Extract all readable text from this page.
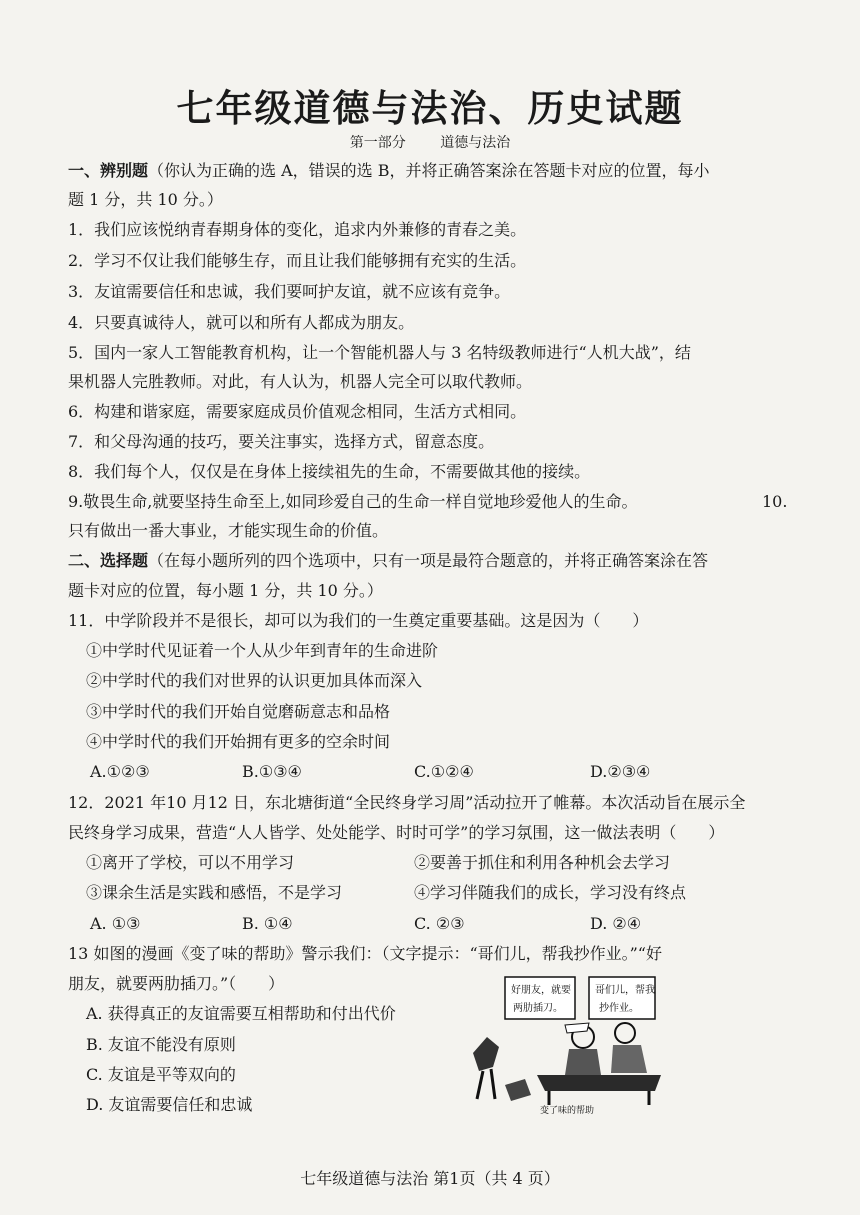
七年级道德与法治、历史试题
第一部分 道德与法治
一、辨别题（你认为正确的选 A，错误的选 B，并将正确答案涂在答题卡对应的位置，每小
题 1 分，共 10 分。）
1．我们应该悦纳青春期身体的变化，追求内外兼修的青春之美。
2．学习不仅让我们能够生存，而且让我们能够拥有充实的生活。
3．友谊需要信任和忠诚，我们要呵护友谊，就不应该有竞争。
4．只要真诚待人，就可以和所有人都成为朋友。
5．国内一家人工智能教育机构，让一个智能机器人与 3 名特级教师进行“人机大战”，结
果机器人完胜教师。对此，有人认为，机器人完全可以取代教师。
6．构建和谐家庭，需要家庭成员价值观念相同，生活方式相同。
7．和父母沟通的技巧，要关注事实，选择方式，留意态度。
8．我们每个人，仅仅是在身体上接续祖先的生命，不需要做其他的接续。
9.敬畏生命,就要坚持生命至上,如同珍爱自己的生命一样自觉地珍爱他人的生命。	10.
只有做出一番大事业，才能实现生命的价值。
二、选择题（在每小题所列的四个选项中，只有一项是最符合题意的，并将正确答案涂在答
题卡对应的位置，每小题 1 分，共 10 分。）
11．中学阶段并不是很长，却可以为我们的一生奠定重要基础。这是因为（　　）
①中学时代见证着一个人从少年到青年的生命进阶
②中学时代的我们对世界的认识更加具体而深入
③中学时代的我们开始自觉磨砺意志和品格
④中学时代的我们开始拥有更多的空余时间
A.①②③	B.①③④	C.①②④	D.②③④
12．2021 年10 月12 日，东北塘街道“全民终身学习周”活动拉开了帷幕。本次活动旨在展示全
民终身学习成果，营造“人人皆学、处处能学、时时可学”的学习氛围，这一做法表明（　　）
①离开了学校，可以不用学习	②要善于抓住和利用各种机会去学习
③课余生活是实践和感悟，不是学习	④学习伴随我们的成长，学习没有终点
A. ①③	B. ①④	C. ②③	D. ②④
13 如图的漫画《变了味的帮助》警示我们：（文字提示：“哥们儿，帮我抄作业。”“好
朋友，就要两肋插刀。”（　　）
A. 获得真正的友谊需要互相帮助和付出代价
B. 友谊不能没有原则
C. 友谊是平等双向的
D. 友谊需要信任和忠诚
好朋友，就要
两肋插刀。
哥们儿，帮我
抄作业。
变了味的帮助
七年级道德与法治 第1页（共 4 页）
